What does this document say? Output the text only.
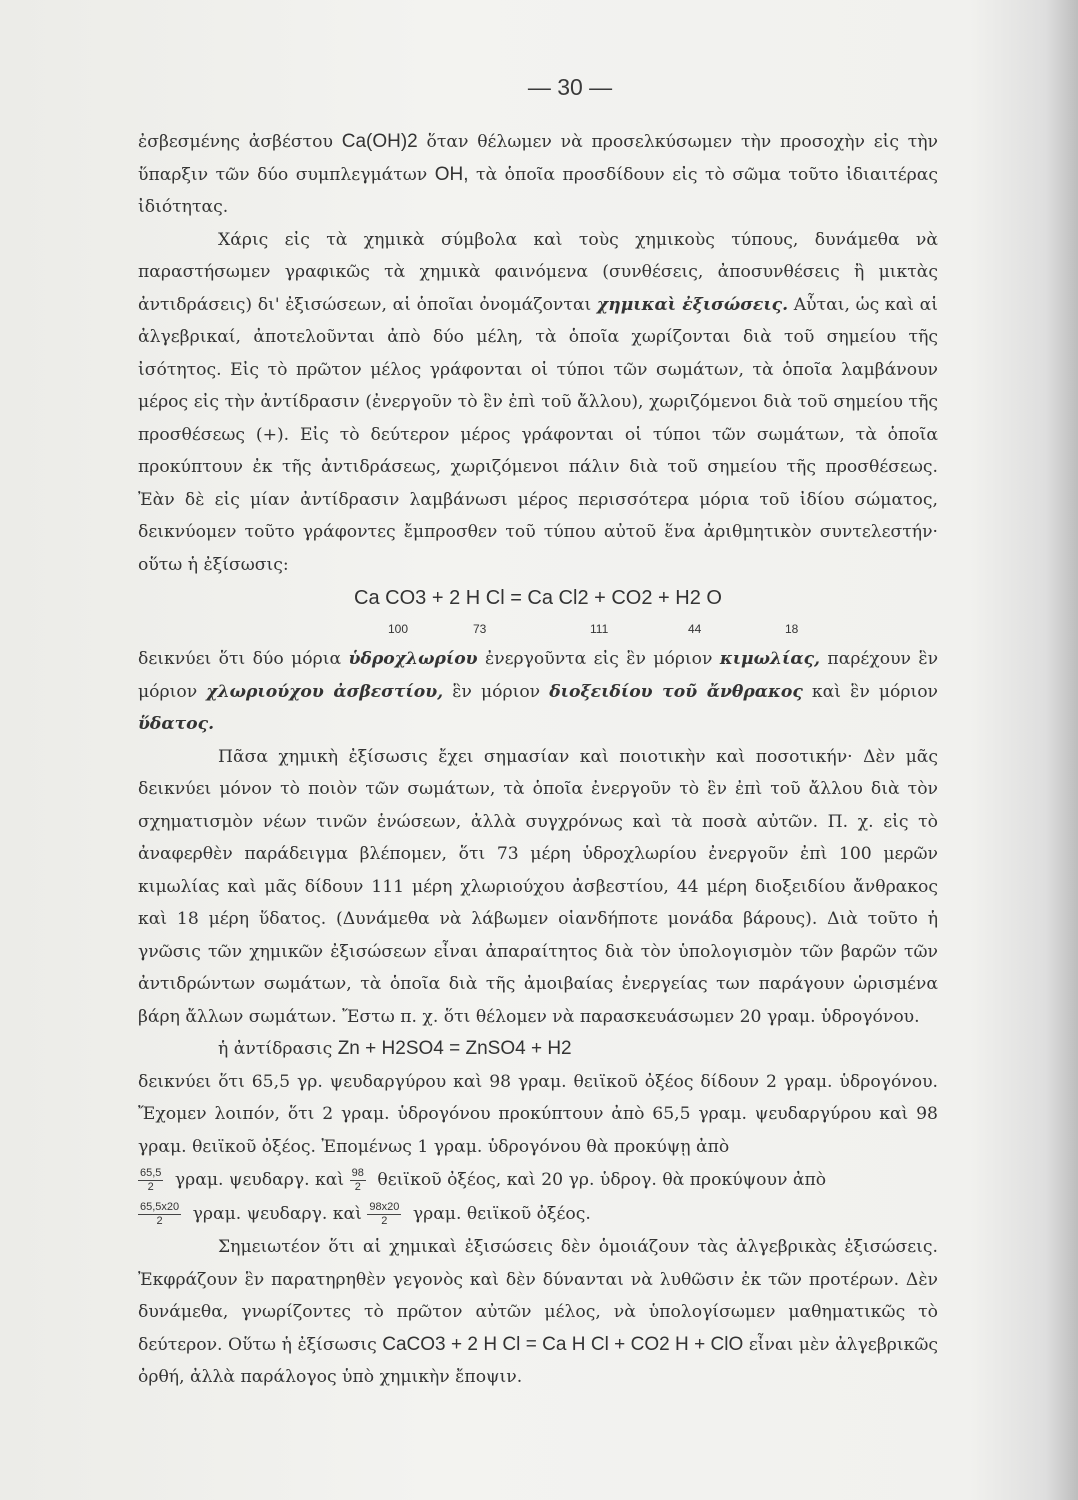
— 30 —

ἐσβεσμένης ἀσβέστου Ca(OH)2 ὅταν θέλωμεν νὰ προσελκύσωμεν τὴν προσοχὴν εἰς τὴν ὕπαρξιν τῶν δύο συμπλεγμάτων OH, τὰ ὁποῖα προσδίδουν εἰς τὸ σῶμα τοῦτο ἰδιαιτέρας ἰδιότητας.

Χάρις εἰς τὰ χημικὰ σύμβολα καὶ τοὺς χημικοὺς τύπους, δυνάμεθα νὰ παραστήσωμεν γραφικῶς τὰ χημικὰ φαινόμενα (συνθέσεις, ἀποσυνθέσεις ἢ μικτὰς ἀντιδράσεις) δι' ἐξισώσεων, αἱ ὁποῖαι ὀνομάζονται χημικαὶ ἐξισώσεις. Αὗται, ὡς καὶ αἱ ἀλγεβρικαί, ἀποτελοῦνται ἀπὸ δύο μέλη, τὰ ὁποῖα χωρίζονται διὰ τοῦ σημείου τῆς ἰσότητος. Εἰς τὸ πρῶτον μέλος γράφονται οἱ τύποι τῶν σωμάτων, τὰ ὁποῖα λαμβάνουν μέρος εἰς τὴν ἀντίδρασιν (ἐνεργοῦν τὸ ἓν ἐπὶ τοῦ ἄλλου), χωριζόμενοι διὰ τοῦ σημείου τῆς προσθέσεως (+). Εἰς τὸ δεύτερον μέρος γράφονται οἱ τύποι τῶν σωμάτων, τὰ ὁποῖα προκύπτουν ἐκ τῆς ἀντιδράσεως, χωριζόμενοι πάλιν διὰ τοῦ σημείου τῆς προσθέσεως. Ἐὰν δὲ εἰς μίαν ἀντίδρασιν λαμβάνωσι μέρος περισσότερα μόρια τοῦ ἰδίου σώματος, δεικνύομεν τοῦτο γράφοντες ἔμπροσθεν τοῦ τύπου αὐτοῦ ἕνα ἀριθμητικὸν συντελεστήν· οὕτω ἡ ἐξίσωσις:

Ca CO3 + 2 H Cl = Ca Cl2 + CO2 + H2 O
100	73	111	44	18

δεικνύει ὅτι δύο μόρια ὑδροχλωρίου ἐνεργοῦντα εἰς ἓν μόριον κιμωλίας, παρέχουν ἓν μόριον χλωριούχου ἀσβεστίου, ἓν μόριον διοξειδίου τοῦ ἄνθρακος καὶ ἓν μόριον ὕδατος.

Πᾶσα χημικὴ ἐξίσωσις ἔχει σημασίαν καὶ ποιοτικὴν καὶ ποσοτικήν· Δὲν μᾶς δεικνύει μόνον τὸ ποιὸν τῶν σωμάτων, τὰ ὁποῖα ἐνεργοῦν τὸ ἓν ἐπὶ τοῦ ἄλλου διὰ τὸν σχηματισμὸν νέων τινῶν ἑνώσεων, ἀλλὰ συγχρόνως καὶ τὰ ποσὰ αὐτῶν. Π. χ. εἰς τὸ ἀναφερθὲν παράδειγμα βλέπομεν, ὅτι 73 μέρη ὑδροχλωρίου ἐνεργοῦν ἐπὶ 100 μερῶν κιμωλίας καὶ μᾶς δίδουν 111 μέρη χλωριούχου ἀσβεστίου, 44 μέρη διοξειδίου ἄνθρακος καὶ 18 μέρη ὕδατος. (Δυνάμεθα νὰ λάβωμεν οἱανδήποτε μονάδα βάρους). Διὰ τοῦτο ἡ γνῶσις τῶν χημικῶν ἐξισώσεων εἶναι ἀπαραίτητος διὰ τὸν ὑπολογισμὸν τῶν βαρῶν τῶν ἀντιδρώντων σωμάτων, τὰ ὁποῖα διὰ τῆς ἀμοιβαίας ἐνεργείας των παράγουν ὡρισμένα βάρη ἄλλων σωμάτων. Ἔστω π. χ. ὅτι θέλομεν νὰ παρασκευάσωμεν 20 γραμ. ὑδρογόνου.

ἡ ἀντίδρασις Zn + H2SO4 = ZnSO4 + H2

δεικνύει ὅτι 65,5 γρ. ψευδαργύρου καὶ 98 γραμ. θειϊκοῦ ὀξέος δίδουν 2 γραμ. ὑδρογόνου. Ἔχομεν λοιπόν, ὅτι 2 γραμ. ὑδρογόνου προκύπτουν ἀπὸ 65,5 γραμ. ψευδαργύρου καὶ 98 γραμ. θειϊκοῦ ὀξέος. Ἐπομένως 1 γραμ. ὑδρογόνου θὰ προκύψῃ ἀπὸ

$\frac{65,5}{2} \gamma\rho\alpha\mu$. ψευδαργ. καὶ $\frac{98}{2}$ θειϊκοῦ ὀξέος, καὶ 20 γρ. ὑδρογ. θὰ προκύψουν ἀπὸ

$\frac{65,5x20}{2} \gamma\rho\alpha\mu$. ψευδαργ. καὶ $\frac{98x20}{2} \gamma\rho\alpha\mu$. θειϊκοῦ ὀξέος.

Σημειωτέον ὅτι αἱ χημικαὶ ἐξισώσεις δὲν ὁμοιάζουν τὰς ἀλγεβρικὰς ἐξισώσεις. Ἐκφράζουν ἓν παρατηρηθὲν γεγονὸς καὶ δὲν δύνανται νὰ λυθῶσιν ἐκ τῶν προτέρων. Δὲν δυνάμεθα, γνωρίζοντες τὸ πρῶτον αὐτῶν μέλος, νὰ ὑπολογίσωμεν μαθηματικῶς τὸ δεύτερον. Οὕτω ἡ ἐξίσωσις CaCO3 + 2 H Cl = Ca H Cl + CO2 H + ClO εἶναι μὲν ἀλγεβρικῶς ὀρθή, ἀλλὰ παράλογος ὑπὸ χημικὴν ἔποψιν.
